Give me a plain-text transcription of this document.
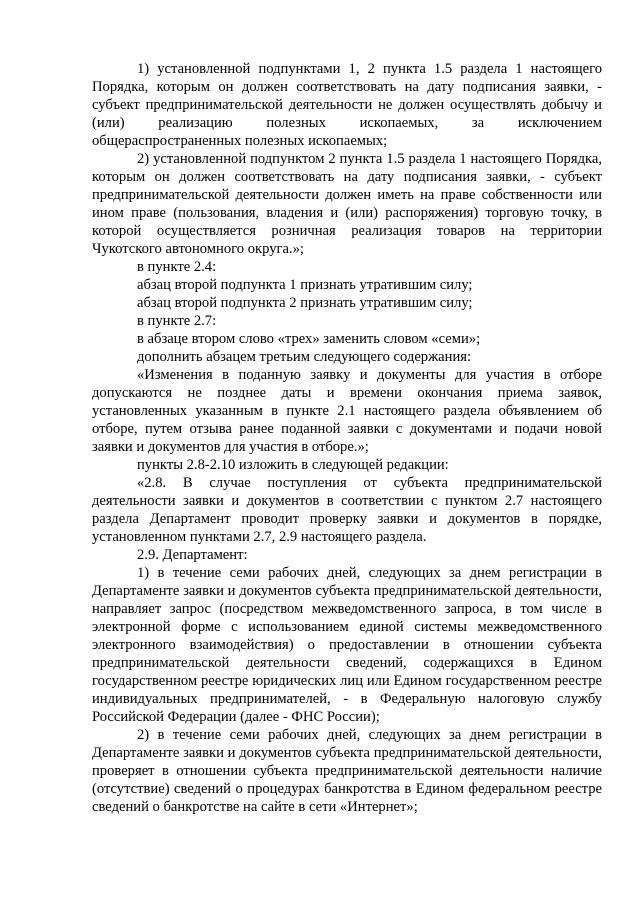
1) установленной подпунктами 1, 2 пункта 1.5 раздела 1 настоящего Порядка, которым он должен соответствовать на дату подписания заявки, - субъект предпринимательской деятельности не должен осуществлять добычу и (или) реализацию полезных ископаемых, за исключением общераспространенных полезных ископаемых;

2) установленной подпунктом 2 пункта 1.5 раздела 1 настоящего Порядка, которым он должен соответствовать на дату подписания заявки, - субъект предпринимательской деятельности должен иметь на праве собственности или ином праве (пользования, владения и (или) распоряжения) торговую точку, в которой осуществляется розничная реализация товаров на территории Чукотского автономного округа.»;

в пункте 2.4:

абзац второй подпункта 1 признать утратившим силу;

абзац второй подпункта 2 признать утратившим силу;

в пункте 2.7:

в абзаце втором слово «трех» заменить словом «семи»;

дополнить абзацем третьим следующего содержания:

«Изменения в поданную заявку и документы для участия в отборе допускаются не позднее даты и времени окончания приема заявок, установленных указанным в пункте 2.1 настоящего раздела объявлением об отборе, путем отзыва ранее поданной заявки с документами и подачи новой заявки и документов для участия в отборе.»;

пункты 2.8-2.10 изложить в следующей редакции:

«2.8. В случае поступления от субъекта предпринимательской деятельности заявки и документов в соответствии с пунктом 2.7 настоящего раздела Департамент проводит проверку заявки и документов в порядке, установленном пунктами 2.7, 2.9 настоящего раздела.

2.9. Департамент:

1) в течение семи рабочих дней, следующих за днем регистрации в Департаменте заявки и документов субъекта предпринимательской деятельности, направляет запрос (посредством межведомственного запроса, в том числе в электронной форме с использованием единой системы межведомственного электронного взаимодействия) о предоставлении в отношении субъекта предпринимательской деятельности сведений, содержащихся в Едином государственном реестре юридических лиц или Едином государственном реестре индивидуальных предпринимателей, - в Федеральную налоговую службу Российской Федерации (далее - ФНС России);

2) в течение семи рабочих дней, следующих за днем регистрации в Департаменте заявки и документов субъекта предпринимательской деятельности, проверяет в отношении субъекта предпринимательской деятельности наличие (отсутствие) сведений о процедурах банкротства в Едином федеральном реестре сведений о банкротстве на сайте в сети «Интернет»;
